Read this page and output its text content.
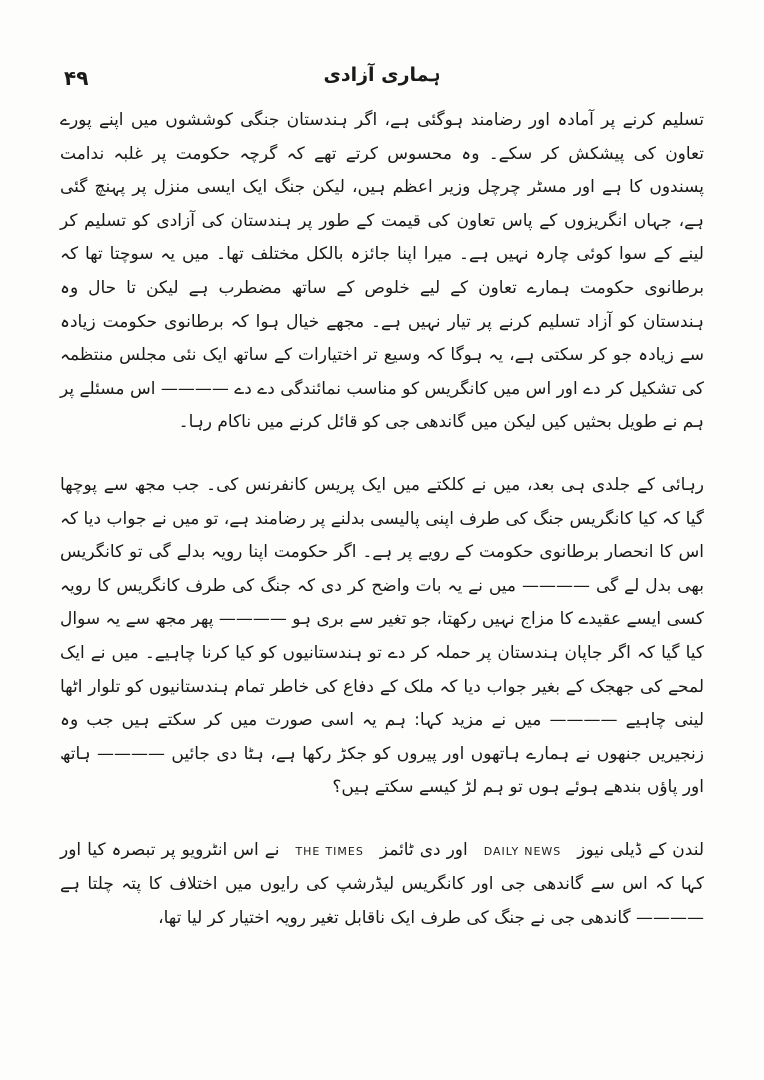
۴۹	ہماری آزادی

تسلیم کرنے پر آمادہ اور رضامند ہوگئی ہے، اگر ہندستان جنگی کوششوں میں اپنے پورے تعاون کی پیشکش کر سکے۔ وہ محسوس کرتے تھے کہ گرچہ حکومت پر غلبہ ندامت پسندوں کا ہے اور مسٹر چرچل وزیر اعظم ہیں، لیکن جنگ ایک ایسی منزل پر پہنچ گئی ہے، جہاں انگریزوں کے پاس تعاون کی قیمت کے طور پر ہندستان کی آزادی کو تسلیم کر لینے کے سوا کوئی چارہ نہیں ہے۔ میرا اپنا جائزہ بالکل مختلف تھا۔ میں یہ سوچتا تھا کہ برطانوی حکومت ہمارے تعاون کے لیے خلوص کے ساتھ مضطرب ہے لیکن تا حال وہ ہندستان کو آزاد تسلیم کرنے پر تیار نہیں ہے۔ مجھے خیال ہوا کہ برطانوی حکومت زیادہ سے زیادہ جو کر سکتی ہے، یہ ہوگا کہ وسیع تر اختیارات کے ساتھ ایک نئی مجلس منتظمہ کی تشکیل کر دے اور اس میں کانگریس کو مناسب نمائندگی دے دے ———— اس مسئلے پر ہم نے طویل بحثیں کیں لیکن میں گاندھی جی کو قائل کرنے میں ناکام رہا۔

رہائی کے جلدی ہی بعد، میں نے کلکتے میں ایک پریس کانفرنس کی۔ جب مجھ سے پوچھا گیا کہ کیا کانگریس جنگ کی طرف اپنی پالیسی بدلنے پر رضامند ہے، تو میں نے جواب دیا کہ اس کا انحصار برطانوی حکومت کے رویے پر ہے۔ اگر حکومت اپنا رویہ بدلے گی تو کانگریس بھی بدل لے گی ———— میں نے یہ بات واضح کر دی کہ جنگ کی طرف کانگریس کا رویہ کسی ایسے عقیدے کا مزاج نہیں رکھتا، جو تغیر سے بری ہو ———— پھر مجھ سے یہ سوال کیا گیا کہ اگر جاپان ہندستان پر حملہ کر دے تو ہندستانیوں کو کیا کرنا چاہیے۔ میں نے ایک لمحے کی جھجک کے بغیر جواب دیا کہ ملک کے دفاع کی خاطر تمام ہندستانیوں کو تلوار اٹھا لینی چاہیے ———— میں نے مزید کہا: ہم یہ اسی صورت میں کر سکتے ہیں جب وہ زنجیریں جنھوں نے ہمارے ہاتھوں اور پیروں کو جکڑ رکھا ہے، ہٹا دی جائیں ———— ہاتھ اور پاؤں بندھے ہوئے ہوں تو ہم لڑ کیسے سکتے ہیں؟

لندن کے ڈیلی نیوز DAILY NEWS اور دی ٹائمز THE TIMES نے اس انٹرویو پر تبصرہ کیا اور کہا کہ اس سے گاندھی جی اور کانگریس لیڈرشپ کی رایوں میں اختلاف کا پتہ چلتا ہے ———— گاندھی جی نے جنگ کی طرف ایک ناقابل تغیر رویہ اختیار کر لیا تھا،
